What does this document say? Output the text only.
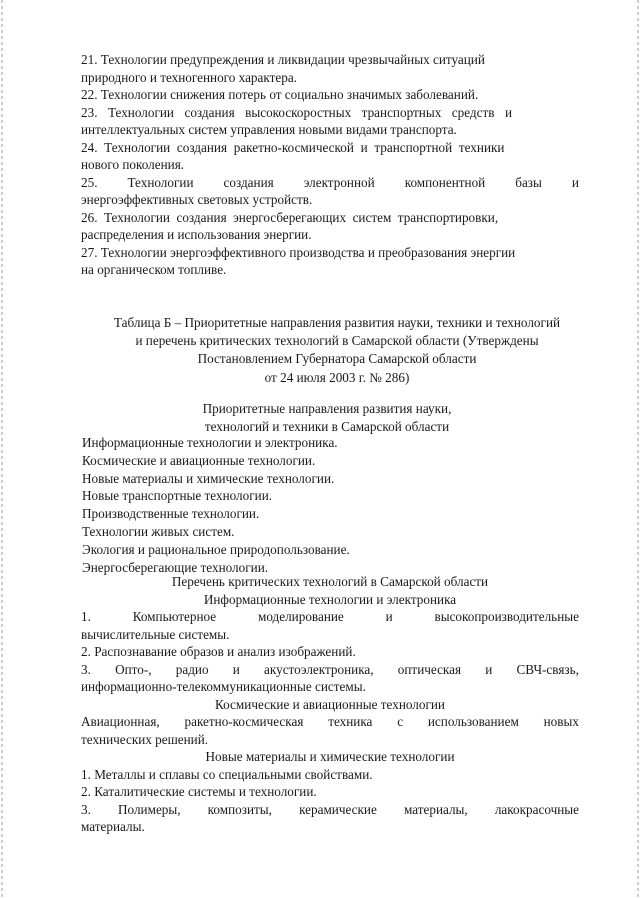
21. Технологии предупреждения и ликвидации чрезвычайных ситуаций
природного и техногенного характера.

22. Технологии снижения потерь от социально значимых заболеваний.

23. Технологии создания высокоскоростных транспортных средств и
интеллектуальных систем управления новыми видами транспорта.

24. Технологии создания ракетно-космической и транспортной техники
нового поколения.

25. Технологии создания электронной компонентной базы и
энергоэффективных световых устройств.

26. Технологии создания энергосберегающих систем транспортировки,
распределения и использования энергии.

27. Технологии энергоэффективного производства и преобразования энергии
на органическом топливе.

Таблица Б – Приоритетные направления развития науки, техники и технологий
и перечень критических технологий в Самарской области (Утверждены
Постановлением Губернатора Самарской области
от 24 июля 2003 г. № 286)
Приоритетные направления развития науки,
технологий и техники в Самарской области
Информационные технологии и электроника.
Космические и авиационные технологии.
Новые материалы и химические технологии.
Новые транспортные технологии.
Производственные технологии.
Технологии живых систем.
Экология и рациональное природопользование.
Энергосберегающие технологии.
Перечень критических технологий в Самарской области
Информационные технологии и электроника
1.	Компьютерное	моделирование	и	высокопроизводительные
вычислительные системы.
2. Распознавание образов и анализ изображений.
3. Опто-, радио и акустоэлектроника, оптическая и СВЧ-связь,
информационно-телекоммуникационные системы.
Космические и авиационные технологии
Авиационная, ракетно-космическая техника с использованием новых
технических решений.
Новые материалы и химические технологии
1. Металлы и сплавы со специальными свойствами.
2. Каталитические системы и технологии.
3. Полимеры, композиты, керамические материалы, лакокрасочные
материалы.
